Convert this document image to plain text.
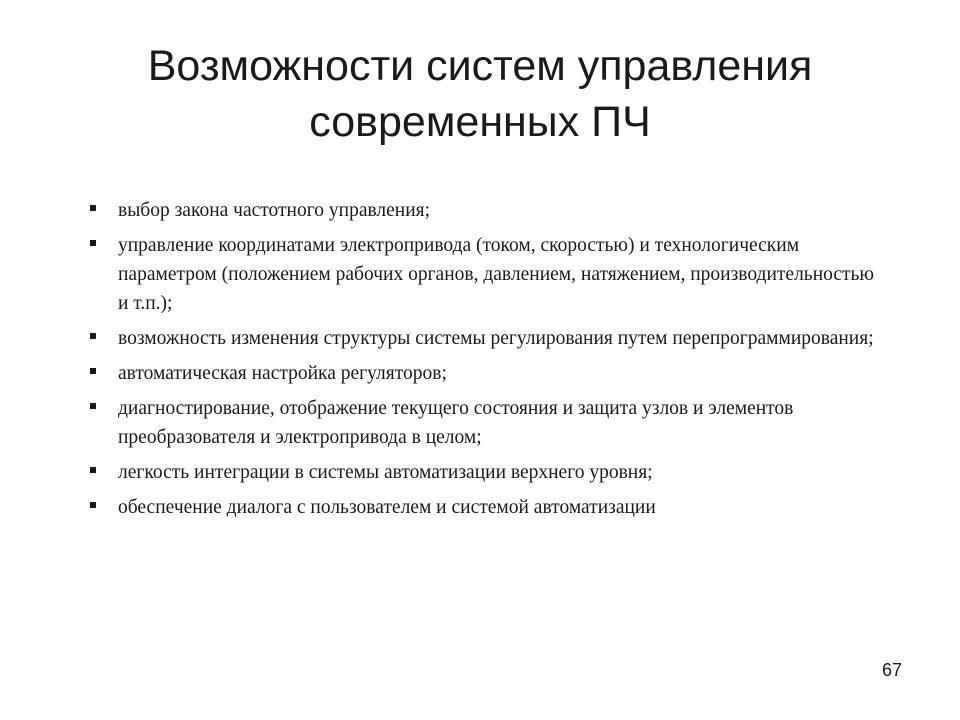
Возможности систем управления
современных ПЧ
выбор закона частотного управления;
управление координатами электропривода (током, скоростью) и технологическим параметром (положением рабочих органов, давлением, натяжением, производительностью и т.п.);
возможность изменения структуры системы регулирования путем перепрограммирования;
автоматическая настройка регуляторов;
диагностирование, отображение текущего состояния и защита узлов и элементов преобразователя и электропривода в целом;
легкость интеграции в системы автоматизации верхнего уровня;
обеспечение диалога с пользователем и системой автоматизации
67
